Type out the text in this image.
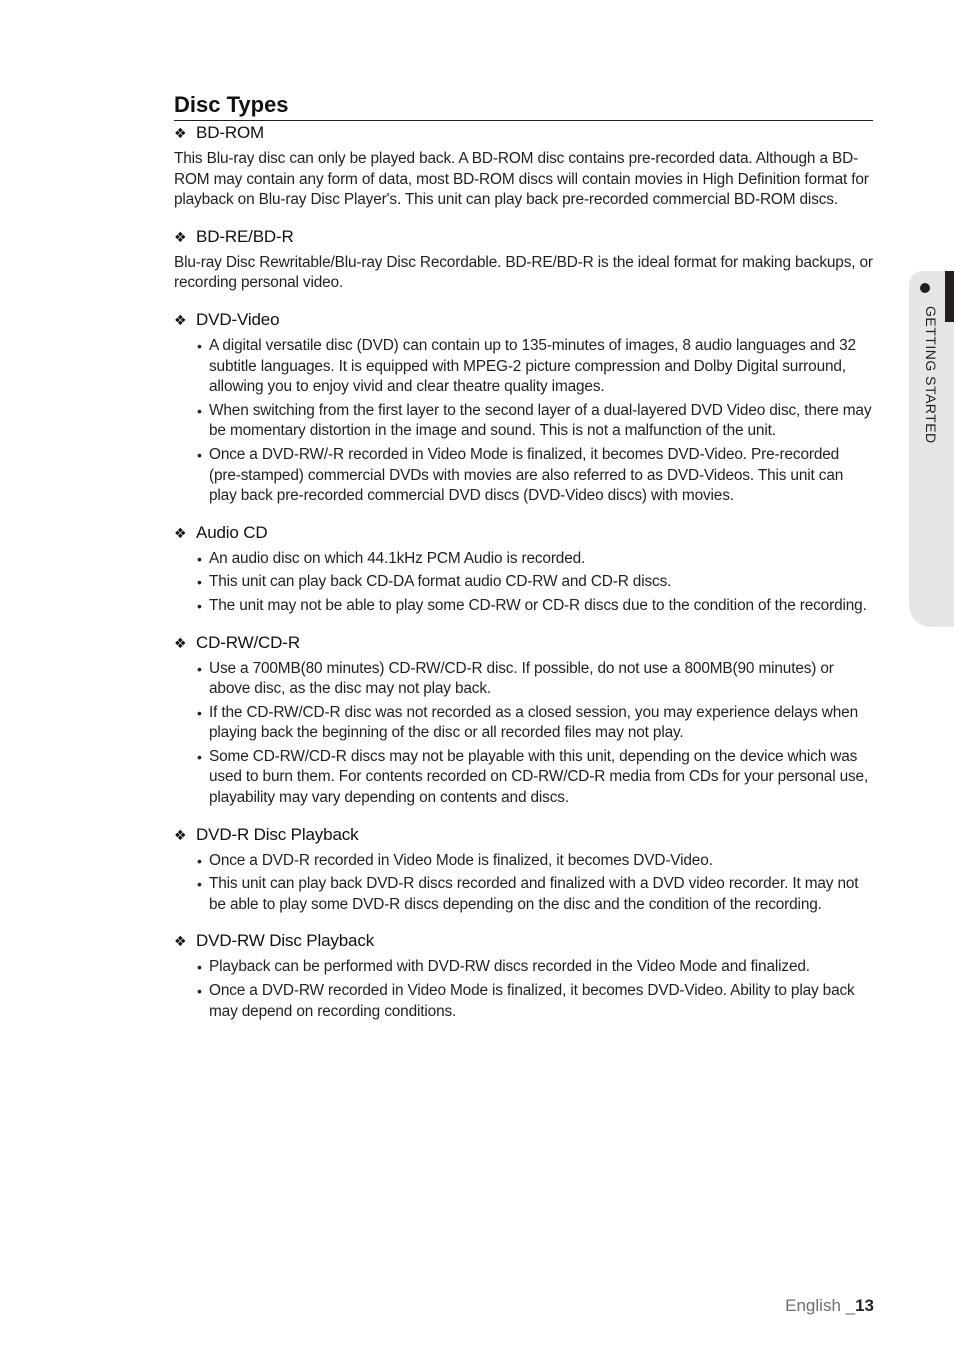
Disc Types
❖ BD-ROM

This Blu-ray disc can only be played back. A BD-ROM disc contains pre-recorded data. Although a BD-ROM may contain any form of data, most BD-ROM discs will contain movies in High Definition format for playback on Blu-ray Disc Player's. This unit can play back pre-recorded commercial BD-ROM discs.

❖ BD-RE/BD-R

Blu-ray Disc Rewritable/Blu-ray Disc Recordable. BD-RE/BD-R is the ideal format for making backups, or recording personal video.

❖ DVD-Video
• A digital versatile disc (DVD) can contain up to 135-minutes of images, 8 audio languages and 32 subtitle languages. It is equipped with MPEG-2 picture compression and Dolby Digital surround, allowing you to enjoy vivid and clear theatre quality images.
• When switching from the first layer to the second layer of a dual-layered DVD Video disc, there may be momentary distortion in the image and sound. This is not a malfunction of the unit.
• Once a DVD-RW/-R recorded in Video Mode is finalized, it becomes DVD-Video. Pre-recorded (pre-stamped) commercial DVDs with movies are also referred to as DVD-Videos. This unit can play back pre-recorded commercial DVD discs (DVD-Video discs) with movies.
❖ Audio CD
• An audio disc on which 44.1kHz PCM Audio is recorded.
• This unit can play back CD-DA format audio CD-RW and CD-R discs.
• The unit may not be able to play some CD-RW or CD-R discs due to the condition of the recording.
❖ CD-RW/CD-R
• Use a 700MB(80 minutes) CD-RW/CD-R disc. If possible, do not use a 800MB(90 minutes) or above disc, as the disc may not play back.
• If the CD-RW/CD-R disc was not recorded as a closed session, you may experience delays when playing back the beginning of the disc or all recorded files may not play.
• Some CD-RW/CD-R discs may not be playable with this unit, depending on the device which was used to burn them. For contents recorded on CD-RW/CD-R media from CDs for your personal use, playability may vary depending on contents and discs.
❖ DVD-R Disc Playback
• Once a DVD-R recorded in Video Mode is finalized, it becomes DVD-Video.
• This unit can play back DVD-R discs recorded and finalized with a DVD video recorder. It may not be able to play some DVD-R discs depending on the disc and the condition of the recording.
❖ DVD-RW Disc Playback
• Playback can be performed with DVD-RW discs recorded in the Video Mode and finalized.
• Once a DVD-RW recorded in Video Mode is finalized, it becomes DVD-Video. Ability to play back may depend on recording conditions.
GETTING STARTED
English _13
